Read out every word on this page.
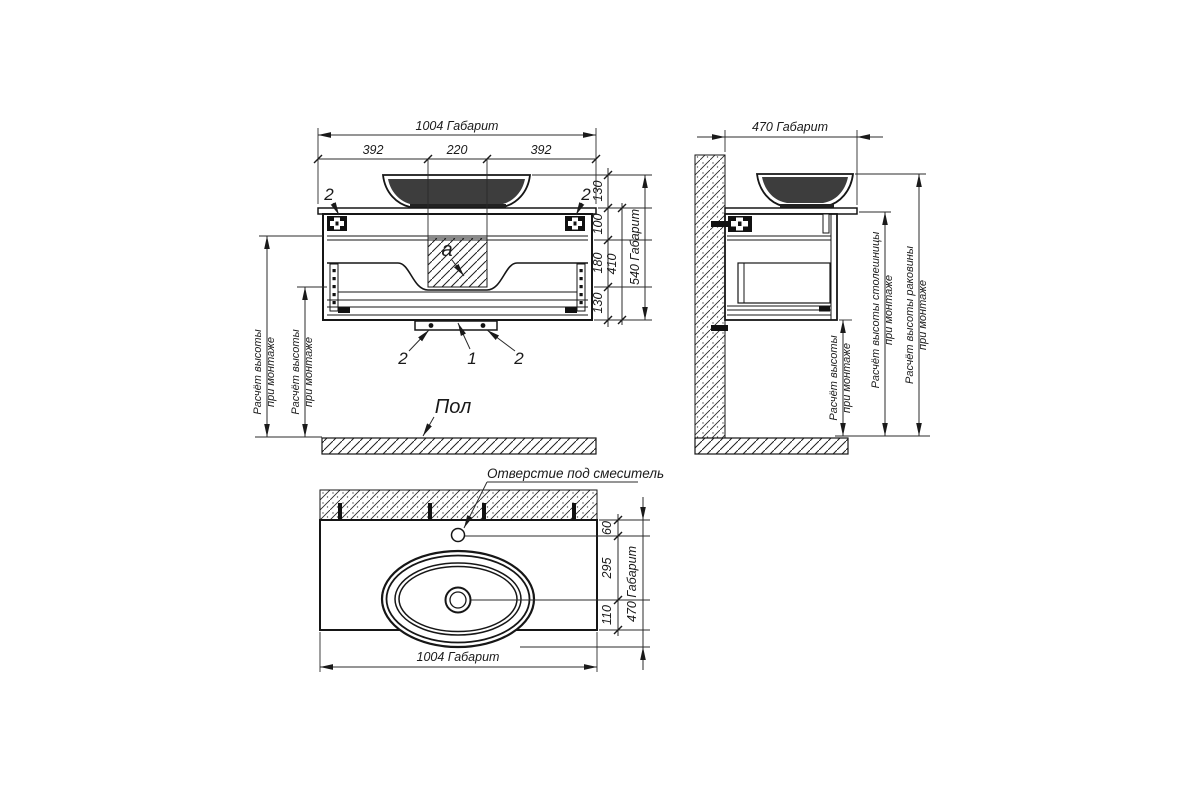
1004 Габарит
392	220	392
130
100
180
130
410 540 Габарит
Расчёт высоты при монтаже Расчёт высоты при монтаже
2	2
a
2	1 2
Пол
470 Габарит
Расчёт высоты при монтаже Расчёт высоты столешницы при монтаже Расчёт высоты раковины при монтаже
Отверстие под смеситель
60
295
110 470 Габарит
1004 Габарит
